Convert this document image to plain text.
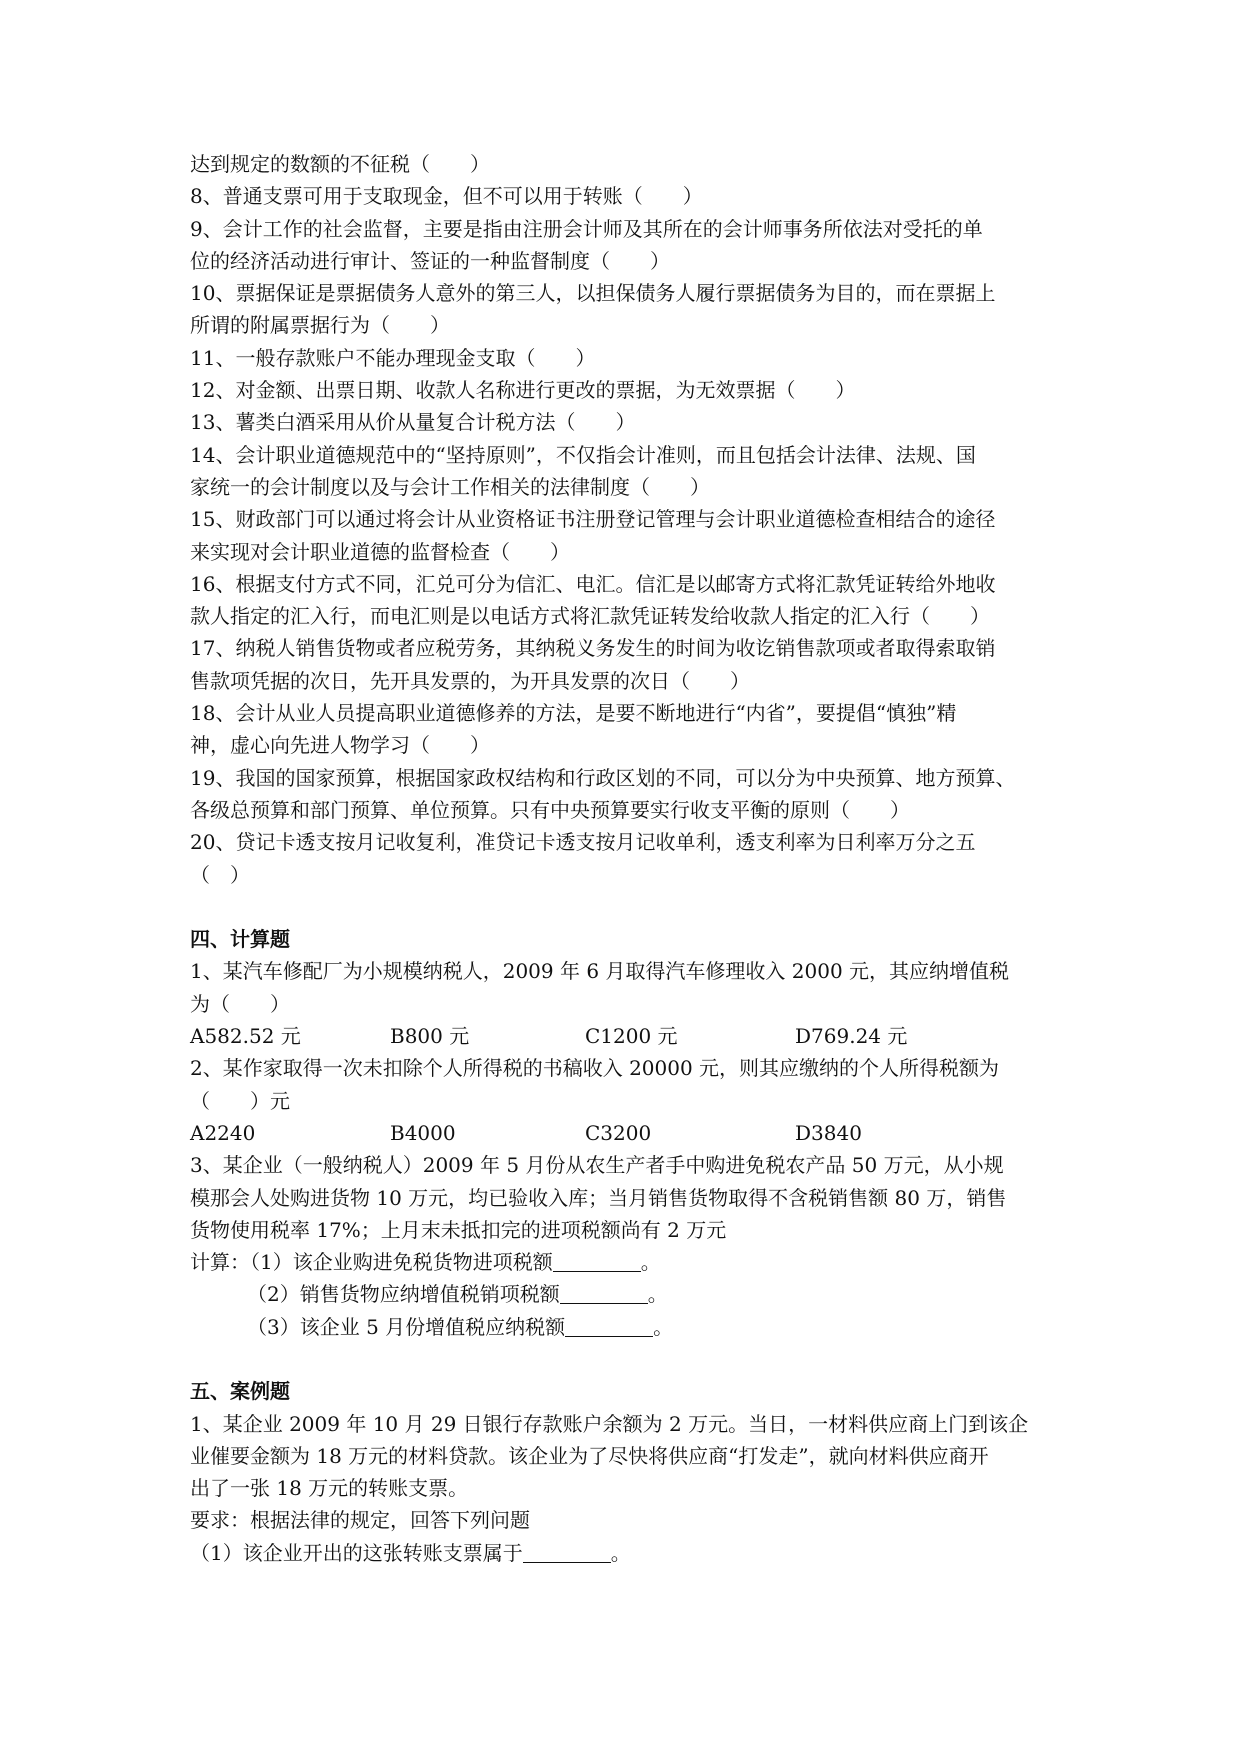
达到规定的数额的不征税（　　）
8、普通支票可用于支取现金，但不可以用于转账（　　）
9、会计工作的社会监督，主要是指由注册会计师及其所在的会计师事务所依法对受托的单
位的经济活动进行审计、签证的一种监督制度（　　）
10、票据保证是票据债务人意外的第三人，以担保债务人履行票据债务为目的，而在票据上
所谓的附属票据行为（　　）
11、一般存款账户不能办理现金支取（　　）
12、对金额、出票日期、收款人名称进行更改的票据，为无效票据（　　）
13、薯类白酒采用从价从量复合计税方法（　　）
14、会计职业道德规范中的“坚持原则”，不仅指会计准则，而且包括会计法律、法规、国
家统一的会计制度以及与会计工作相关的法律制度（　　）
15、财政部门可以通过将会计从业资格证书注册登记管理与会计职业道德检查相结合的途径
来实现对会计职业道德的监督检查（　　）
16、根据支付方式不同，汇兑可分为信汇、电汇。信汇是以邮寄方式将汇款凭证转给外地收
款人指定的汇入行，而电汇则是以电话方式将汇款凭证转发给收款人指定的汇入行（　　）
17、纳税人销售货物或者应税劳务，其纳税义务发生的时间为收讫销售款项或者取得索取销
售款项凭据的次日，先开具发票的，为开具发票的次日（　　）
18、会计从业人员提高职业道德修养的方法，是要不断地进行“内省”，要提倡“慎独”精
神，虚心向先进人物学习（　　）
19、我国的国家预算，根据国家政权结构和行政区划的不同，可以分为中央预算、地方预算、
各级总预算和部门预算、单位预算。只有中央预算要实行收支平衡的原则（　　）
20、贷记卡透支按月记收复利，准贷记卡透支按月记收单利，透支利率为日利率万分之五
（　）
四、计算题
1、某汽车修配厂为小规模纳税人，2009 年 6 月取得汽车修理收入 2000 元，其应纳增值税
为（　　）
A582.52 元	B800 元	C1200 元	D769.24 元
2、某作家取得一次未扣除个人所得税的书稿收入 20000 元，则其应缴纳的个人所得税额为
（　　）元
A2240	B4000	C3200	D3840
3、某企业（一般纳税人）2009 年 5 月份从农生产者手中购进免税农产品 50 万元，从小规
模那会人处购进货物 10 万元，均已验收入库；当月销售货物取得不含税销售额 80 万，销售
货物使用税率 17%；上月末未抵扣完的进项税额尚有 2 万元
计算：（1）该企业购进免税货物进项税额	。
（2）销售货物应纳增值税销项税额	。
（3）该企业 5 月份增值税应纳税额	。
五、案例题
1、某企业 2009 年 10 月 29 日银行存款账户余额为 2 万元。当日，一材料供应商上门到该企
业催要金额为 18 万元的材料贷款。该企业为了尽快将供应商“打发走”，就向材料供应商开
出了一张 18 万元的转账支票。
要求：根据法律的规定，回答下列问题
（1）该企业开出的这张转账支票属于	。
